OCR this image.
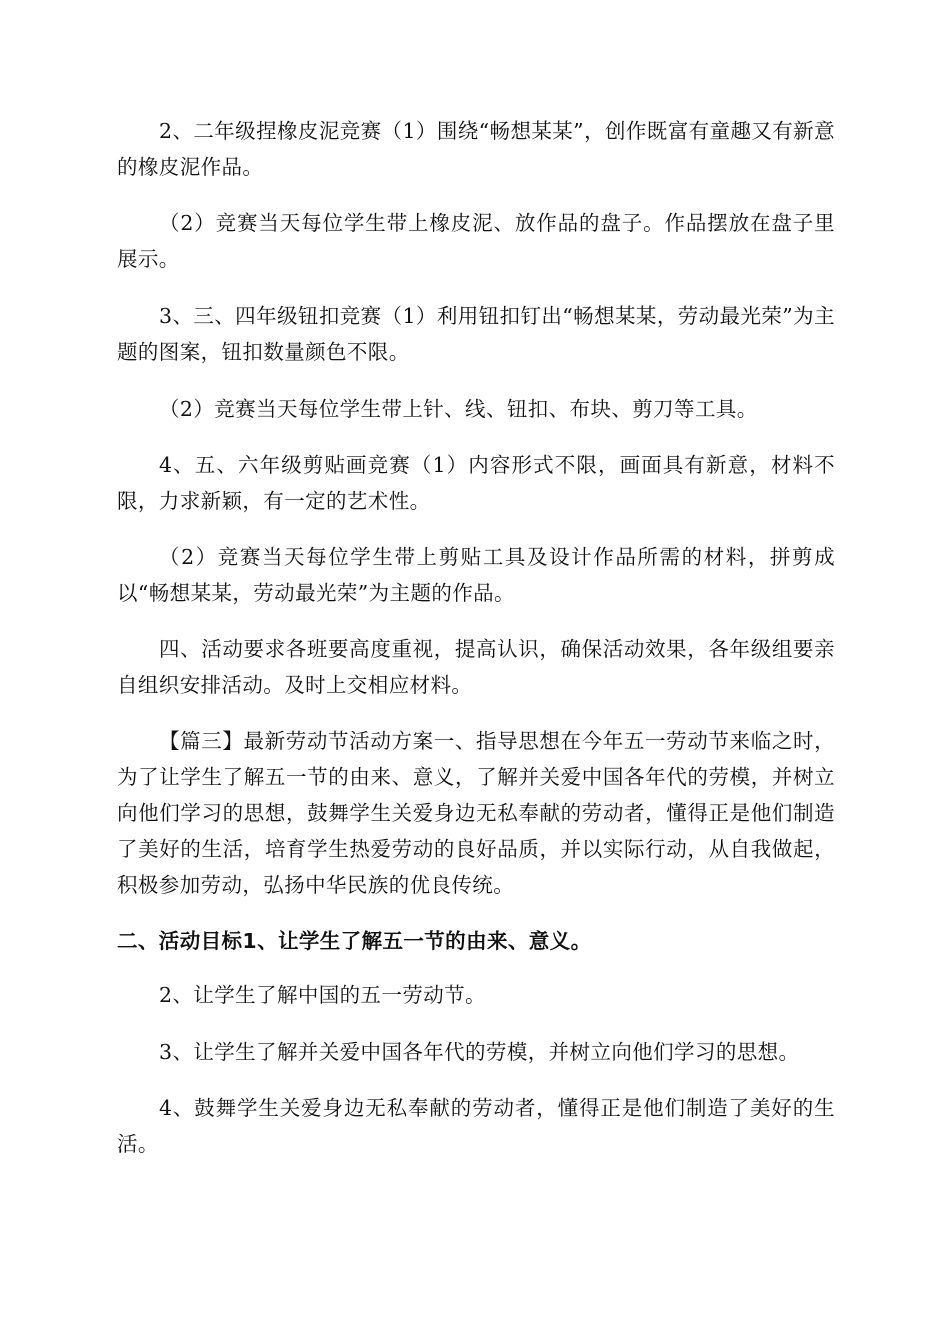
2、二年级捏橡皮泥竞赛（1）围绕“畅想某某”，创作既富有童趣又有新意的橡皮泥作品。

（2）竞赛当天每位学生带上橡皮泥、放作品的盘子。作品摆放在盘子里展示。

3、三、四年级钮扣竞赛（1）利用钮扣钉出“畅想某某，劳动最光荣”为主题的图案，钮扣数量颜色不限。

（2）竞赛当天每位学生带上针、线、钮扣、布块、剪刀等工具。

4、五、六年级剪贴画竞赛（1）内容形式不限，画面具有新意，材料不限，力求新颖，有一定的艺术性。

（2）竞赛当天每位学生带上剪贴工具及设计作品所需的材料，拼剪成以“畅想某某，劳动最光荣”为主题的作品。

四、活动要求各班要高度重视，提高认识，确保活动效果，各年级组要亲自组织安排活动。及时上交相应材料。

【篇三】最新劳动节活动方案一、指导思想在今年五一劳动节来临之时，为了让学生了解五一节的由来、意义，了解并关爱中国各年代的劳模，并树立向他们学习的思想，鼓舞学生关爱身边无私奉献的劳动者，懂得正是他们制造了美好的生活，培育学生热爱劳动的良好品质，并以实际行动，从自我做起，积极参加劳动，弘扬中华民族的优良传统。

二、活动目标1、让学生了解五一节的由来、意义。

2、让学生了解中国的五一劳动节。

3、让学生了解并关爱中国各年代的劳模，并树立向他们学习的思想。

4、鼓舞学生关爱身边无私奉献的劳动者，懂得正是他们制造了美好的生活。
